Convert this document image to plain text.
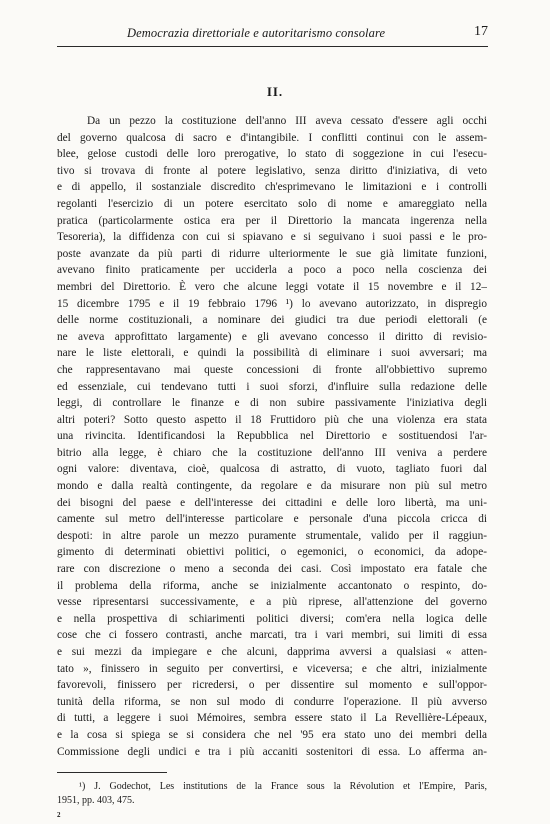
Democrazia direttoriale e autoritarismo consolare	17
II.
Da un pezzo la costituzione dell'anno III aveva cessato d'essere agli occhi
del governo qualcosa di sacro e d'intangibile. I conflitti continui con le assem-
blee, gelose custodi delle loro prerogative, lo stato di soggezione in cui l'esecu-
tivo si trovava di fronte al potere legislativo, senza diritto d'iniziativa, di veto
e di appello, il sostanziale discredito ch'esprimevano le limitazioni e i controlli
regolanti l'esercizio di un potere esercitato solo di nome e amareggiato nella
pratica (particolarmente ostica era per il Direttorio la mancata ingerenza nella
Tesoreria), la diffidenza con cui si spiavano e si seguivano i suoi passi e le pro-
poste avanzate da più parti di ridurre ulteriormente le sue già limitate funzioni,
avevano finito praticamente per ucciderla a poco a poco nella coscienza dei
membri del Direttorio. È vero che alcune leggi votate il 15 novembre e il 12–
15 dicembre 1795 e il 19 febbraio 1796 ¹) lo avevano autorizzato, in dispregio
delle norme costituzionali, a nominare dei giudici tra due periodi elettorali (e
ne aveva approfittato largamente) e gli avevano concesso il diritto di revisio-
nare le liste elettorali, e quindi la possibilità di eliminare i suoi avversari; ma
che rappresentavano mai queste concessioni di fronte all'obbiettivo supremo
ed essenziale, cui tendevano tutti i suoi sforzi, d'influire sulla redazione delle
leggi, di controllare le finanze e di non subire passivamente l'iniziativa degli
altri poteri? Sotto questo aspetto il 18 Fruttidoro più che una violenza era stata
una rivincita. Identificandosi la Repubblica nel Direttorio e sostituendosi l'ar-
bitrio alla legge, è chiaro che la costituzione dell'anno III veniva a perdere
ogni valore: diventava, cioè, qualcosa di astratto, di vuoto, tagliato fuori dal
mondo e dalla realtà contingente, da regolare e da misurare non più sul metro
dei bisogni del paese e dell'interesse dei cittadini e delle loro libertà, ma uni-
camente sul metro dell'interesse particolare e personale d'una piccola cricca di
despoti: in altre parole un mezzo puramente strumentale, valido per il raggiun-
gimento di determinati obiettivi politici, o egemonici, o economici, da adope-
rare con discrezione o meno a seconda dei casi. Così impostato era fatale che
il problema della riforma, anche se inizialmente accantonato o respinto, do-
vesse ripresentarsi successivamente, e a più riprese, all'attenzione del governo
e nella prospettiva di schiarimenti politici diversi; com'era nella logica delle
cose che ci fossero contrasti, anche marcati, tra i vari membri, sui limiti di essa
e sui mezzi da impiegare e che alcuni, dapprima avversi a qualsiasi « atten-
tato », finissero in seguito per convertirsi, e viceversa; e che altri, inizialmente
favorevoli, finissero per ricredersi, o per dissentire sul momento e sull'oppor-
tunità della riforma, se non sul modo di condurre l'operazione. Il più avverso
di tutti, a leggere i suoi Mémoires, sembra essere stato il La Revellière-Lépeaux,
e la cosa si spiega se si considera che nel '95 era stato uno dei membri della
Commissione degli undici e tra i più accaniti sostenitori di essa. Lo afferma an-
¹) J. Godechot, Les institutions de la France sous la Révolution et l'Empire, Paris,
1951, pp. 403, 475.
2
